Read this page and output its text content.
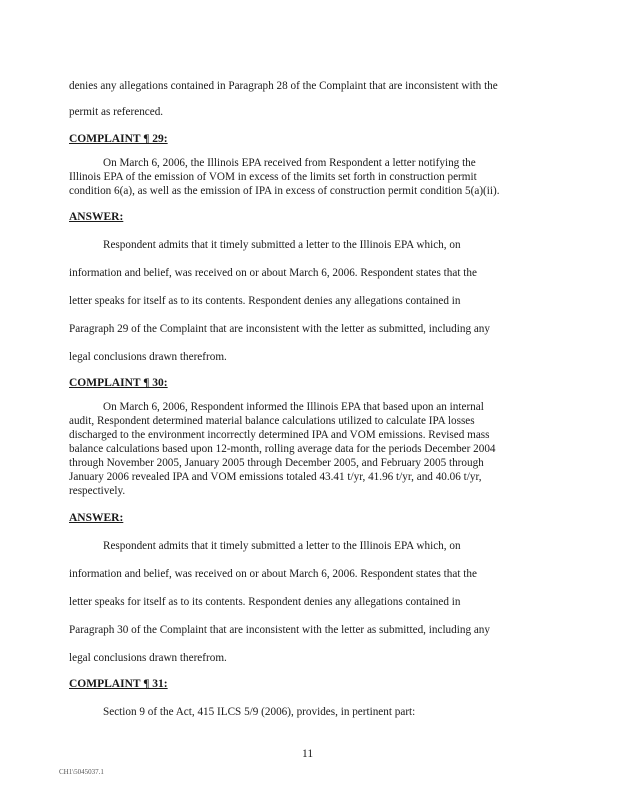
denies any allegations contained in Paragraph 28 of the Complaint that are inconsistent with the
permit as referenced.
COMPLAINT ¶ 29:
On March 6, 2006, the Illinois EPA received from Respondent a letter notifying the
Illinois EPA of the emission of VOM in excess of the limits set forth in construction permit
condition 6(a), as well as the emission of IPA in excess of construction permit condition 5(a)(ii).
ANSWER:
Respondent admits that it timely submitted a letter to the Illinois EPA which, on
information and belief, was received on or about March 6, 2006. Respondent states that the
letter speaks for itself as to its contents. Respondent denies any allegations contained in
Paragraph 29 of the Complaint that are inconsistent with the letter as submitted, including any
legal conclusions drawn therefrom.
COMPLAINT ¶ 30:
On March 6, 2006, Respondent informed the Illinois EPA that based upon an internal
audit, Respondent determined material balance calculations utilized to calculate IPA losses
discharged to the environment incorrectly determined IPA and VOM emissions. Revised mass
balance calculations based upon 12-month, rolling average data for the periods December 2004
through November 2005, January 2005 through December 2005, and February 2005 through
January 2006 revealed IPA and VOM emissions totaled 43.41 t/yr, 41.96 t/yr, and 40.06 t/yr,
respectively.
ANSWER:
Respondent admits that it timely submitted a letter to the Illinois EPA which, on
information and belief, was received on or about March 6, 2006. Respondent states that the
letter speaks for itself as to its contents. Respondent denies any allegations contained in
Paragraph 30 of the Complaint that are inconsistent with the letter as submitted, including any
legal conclusions drawn therefrom.
COMPLAINT ¶ 31:
Section 9 of the Act, 415 ILCS 5/9 (2006), provides, in pertinent part:
11
CH1\5045037.1
